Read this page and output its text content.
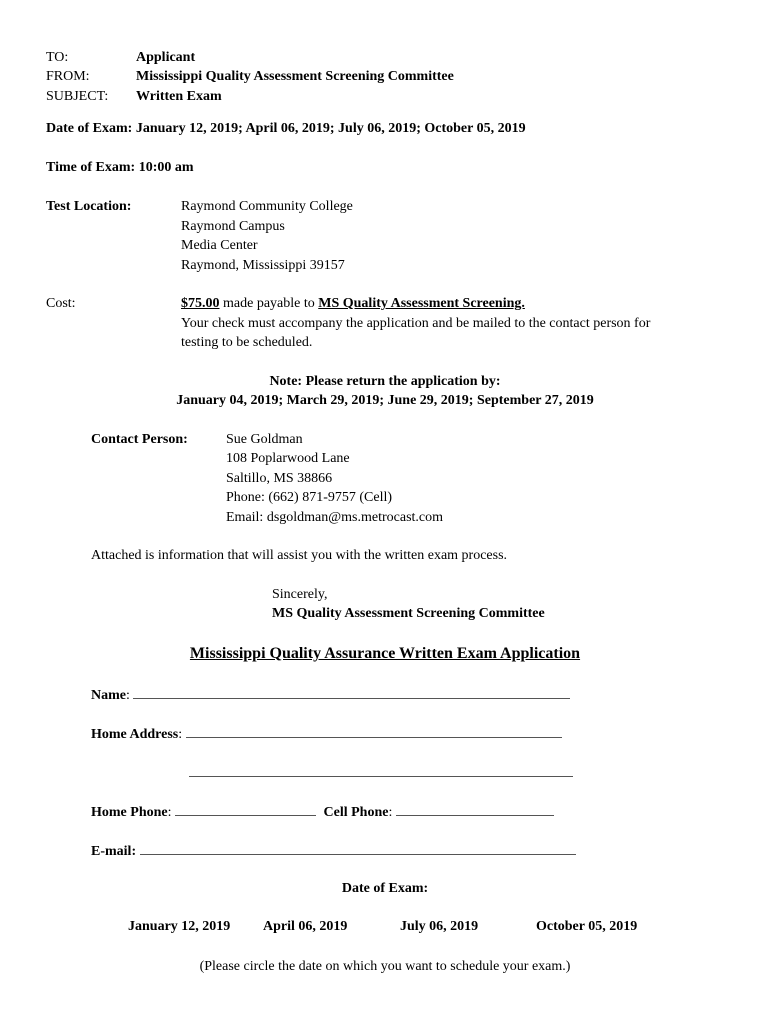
TO:	Applicant
FROM:	Mississippi Quality Assessment Screening Committee
SUBJECT: Written Exam
Date of Exam: January 12, 2019; April 06, 2019; July 06, 2019; October 05, 2019
Time of Exam: 10:00 am
Test Location:	Raymond Community College
Raymond Campus
Media Center
Raymond, Mississippi 39157
Cost:	$75.00 made payable to MS Quality Assessment Screening.
Your check must accompany the application and be mailed to the contact person for
testing to be scheduled.
Note: Please return the application by:
January 04, 2019; March 29, 2019; June 29, 2019; September 27, 2019
Contact Person:	Sue Goldman
108 Poplarwood Lane
Saltillo, MS 38866
Phone: (662) 871-9757 (Cell)
Email: dsgoldman@ms.metrocast.com
Attached is information that will assist you with the written exam process.
Sincerely,
MS Quality Assessment Screening Committee
Mississippi Quality Assurance Written Exam Application
Name:
Home Address:
Home Phone:	Cell Phone:
E-mail:
Date of Exam:
January 12, 2019 April 06, 2019	July 06, 2019	October 05, 2019
(Please circle the date on which you want to schedule your exam.)
